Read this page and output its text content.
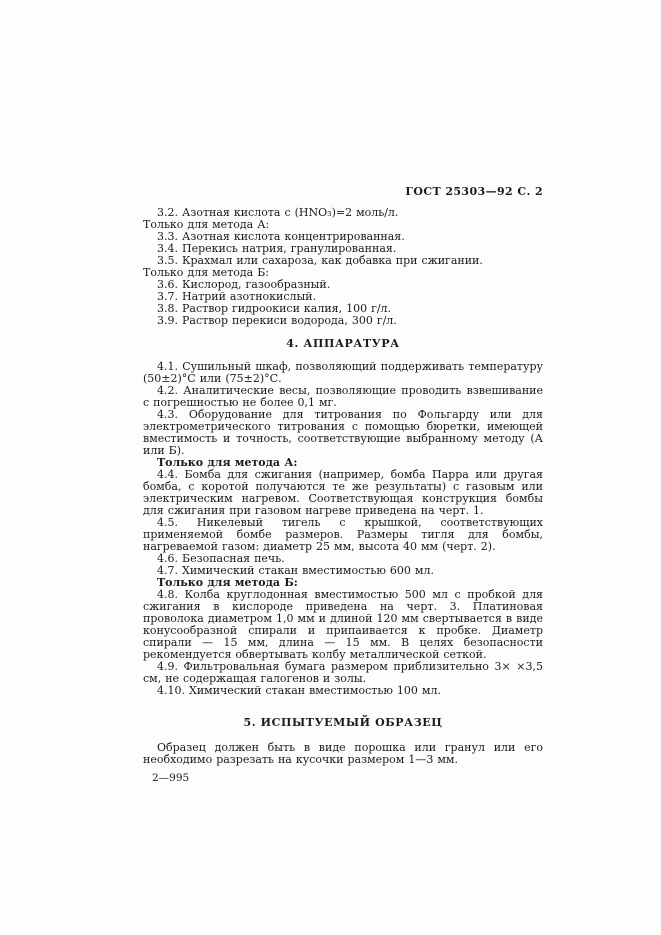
ГОСТ 25303—92 С. 2

3.2. Азотная кислота c (HNO₃)=2 моль/л.

Только для метода А:

3.3. Азотная кислота концентрированная.

3.4. Перекись натрия, гранулированная.

3.5. Крахмал или сахароза, как добавка при сжигании.

Только для метода Б:

3.6. Кислород, газообразный.

3.7. Натрий азотнокислый.

3.8. Раствор гидроокиси калия, 100 г/л.

3.9. Раствор перекиси водорода, 300 г/л.

4. АППАРАТУРА

4.1. Сушильный шкаф, позволяющий поддерживать температуру (50±2)°С или (75±2)°С.

4.2. Аналитические весы, позволяющие проводить взвешивание с погрешностью не более 0,1 мг.

4.3. Оборудование для титрования по Фольгарду или для электрометрического титрования с помощью бюретки, имеющей вместимость и точность, соответствующие выбранному методу (А или Б).

Только для метода А:

4.4. Бомба для сжигания (например, бомба Парра или другая бомба, с коротой получаются те же результаты) с газовым или электрическим нагревом. Соответствующая конструкция бомбы для сжигания при газовом нагреве приведена на черт. 1.

4.5. Никелевый тигель с крышкой, соответствующих применяемой бомбе размеров. Размеры тигля для бомбы, нагреваемой газом: диаметр 25 мм, высота 40 мм (черт. 2).

4.6. Безопасная печь.

4.7. Химический стакан вместимостью 600 мл.

Только для метода Б:

4.8. Колба круглодонная вместимостью 500 мл с пробкой для сжигания в кислороде приведена на черт. 3. Платиновая проволока диаметром 1,0 мм и длиной 120 мм свертывается в виде конусообразной спирали и припаивается к пробке. Диаметр спирали — 15 мм, длина — 15 мм. В целях безопасности рекомендуется обвертывать колбу металлической сеткой.

4.9. Фильтровальная бумага размером приблизительно 3× ×3,5 см, не содержащая галогенов и золы.

4.10. Химический стакан вместимостью 100 мл.

5. ИСПЫТУЕМЫЙ ОБРАЗЕЦ

Образец должен быть в виде порошка или гранул или его необходимо разрезать на кусочки размером 1—3 мм.

2—995
